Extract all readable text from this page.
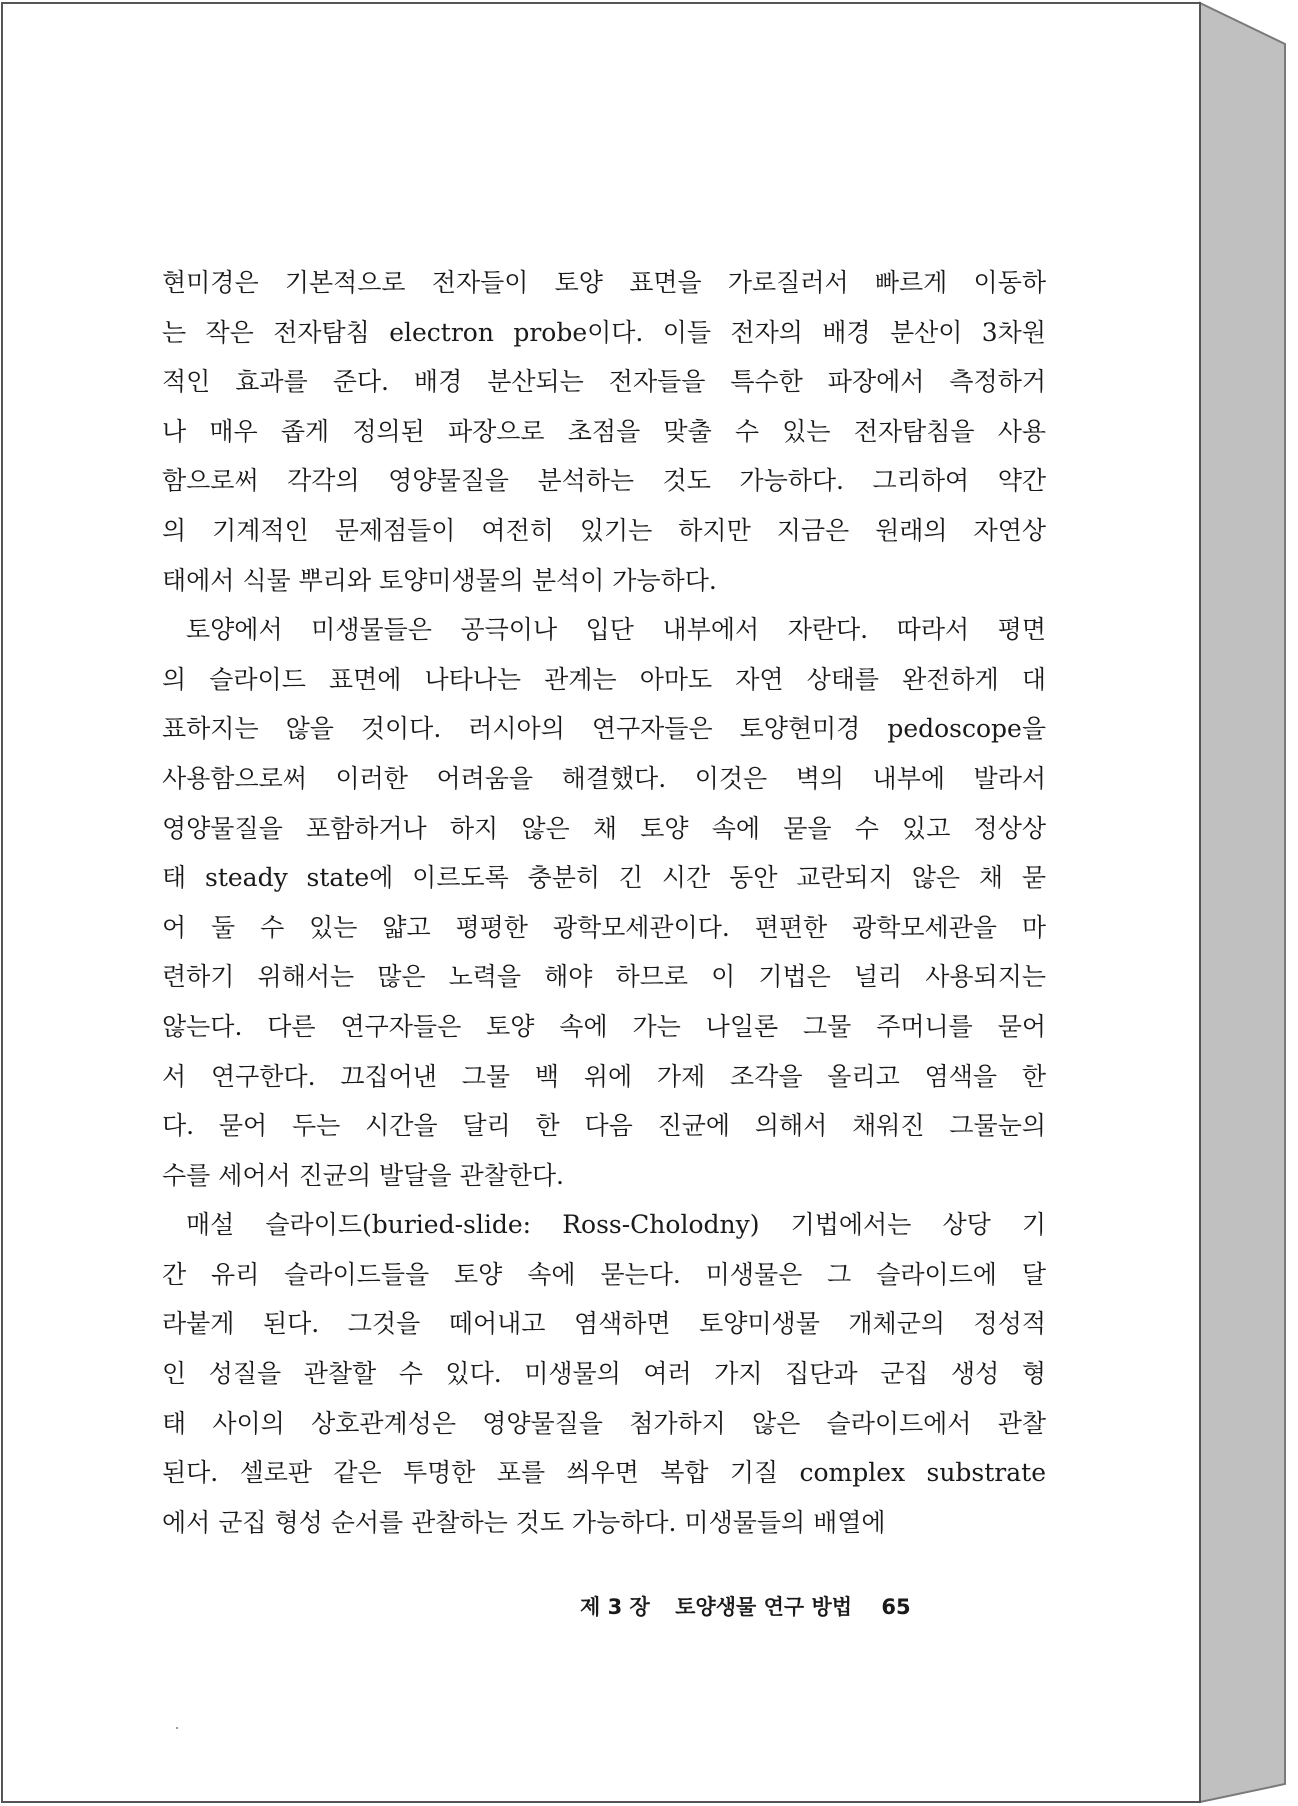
현미경은 기본적으로 전자들이 토양 표면을 가로질러서 빠르게 이동하
는 작은 전자탐침 electron probe이다. 이들 전자의 배경 분산이 3차원
적인 효과를 준다. 배경 분산되는 전자들을 특수한 파장에서 측정하거
나 매우 좁게 정의된 파장으로 초점을 맞출 수 있는 전자탐침을 사용
함으로써 각각의 영양물질을 분석하는 것도 가능하다. 그리하여 약간
의 기계적인 문제점들이 여전히 있기는 하지만 지금은 원래의 자연상
태에서 식물 뿌리와 토양미생물의 분석이 가능하다.
토양에서 미생물들은 공극이나 입단 내부에서 자란다. 따라서 평면
의 슬라이드 표면에 나타나는 관계는 아마도 자연 상태를 완전하게 대
표하지는 않을 것이다. 러시아의 연구자들은 토양현미경 pedoscope을
사용함으로써 이러한 어려움을 해결했다. 이것은 벽의 내부에 발라서
영양물질을 포함하거나 하지 않은 채 토양 속에 묻을 수 있고 정상상
태 steady state에 이르도록 충분히 긴 시간 동안 교란되지 않은 채 묻
어 둘 수 있는 얇고 평평한 광학모세관이다. 편편한 광학모세관을 마
련하기 위해서는 많은 노력을 해야 하므로 이 기법은 널리 사용되지는
않는다. 다른 연구자들은 토양 속에 가는 나일론 그물 주머니를 묻어
서 연구한다. 끄집어낸 그물 백 위에 가제 조각을 올리고 염색을 한
다. 묻어 두는 시간을 달리 한 다음 진균에 의해서 채워진 그물눈의
수를 세어서 진균의 발달을 관찰한다.
매설 슬라이드(buried-slide: Ross-Cholodny) 기법에서는 상당 기
간 유리 슬라이드들을 토양 속에 묻는다. 미생물은 그 슬라이드에 달
라붙게 된다. 그것을 떼어내고 염색하면 토양미생물 개체군의 정성적
인 성질을 관찰할 수 있다. 미생물의 여러 가지 집단과 군집 생성 형
태 사이의 상호관계성은 영양물질을 첨가하지 않은 슬라이드에서 관찰
된다. 셀로판 같은 투명한 포를 씌우면 복합 기질 complex substrate
에서 군집 형성 순서를 관찰하는 것도 가능하다. 미생물들의 배열에
제 3 장 토양생물 연구 방법 65
